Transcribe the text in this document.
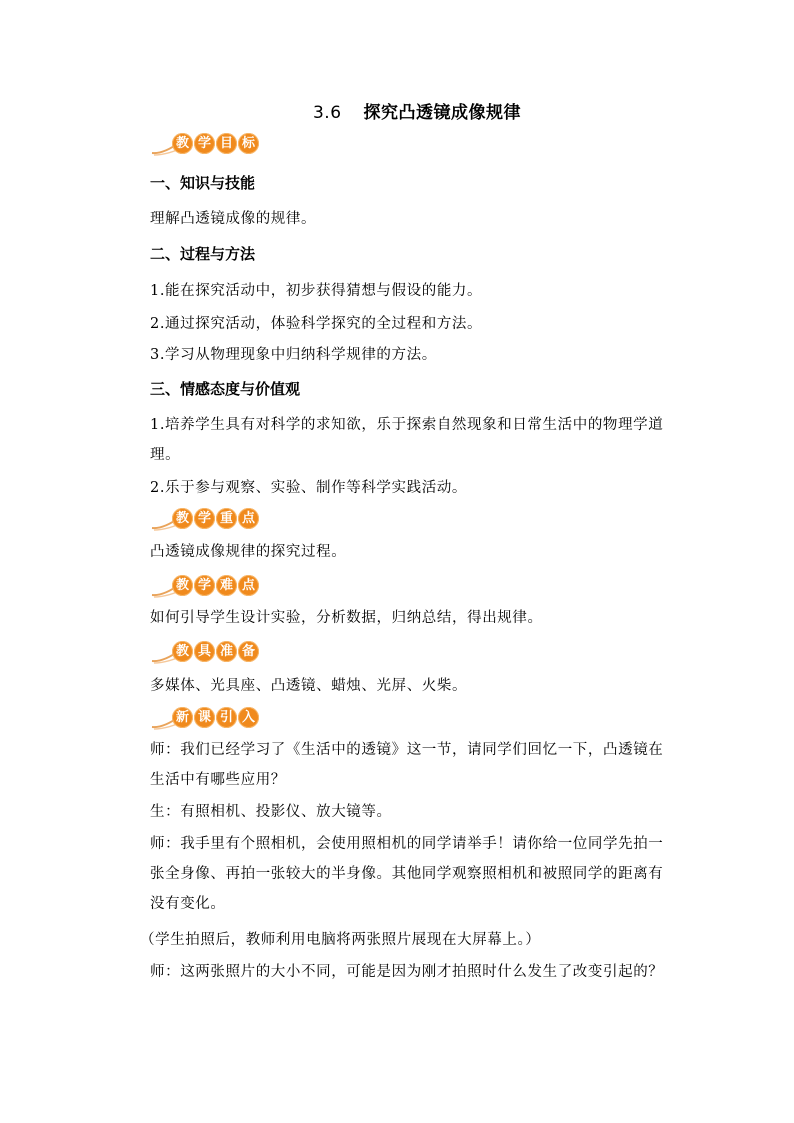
3.6 探究凸透镜成像规律
教 学 目 标
一、知识与技能
理解凸透镜成像的规律。
二、过程与方法
1.能在探究活动中，初步获得猜想与假设的能力。
2.通过探究活动，体验科学探究的全过程和方法。
3.学习从物理现象中归纳科学规律的方法。
三、情感态度与价值观
1.培养学生具有对科学的求知欲，乐于探索自然现象和日常生活中的物理学道理。
2.乐于参与观察、实验、制作等科学实践活动。
教 学 重 点
凸透镜成像规律的探究过程。
教 学 难 点
如何引导学生设计实验，分析数据，归纳总结，得出规律。
教 具 准 备
多媒体、光具座、凸透镜、蜡烛、光屏、火柴。
新 课 引 入
师：我们已经学习了《生活中的透镜》这一节，请同学们回忆一下，凸透镜在生活中有哪些应用？
生：有照相机、投影仪、放大镜等。
师：我手里有个照相机，会使用照相机的同学请举手！请你给一位同学先拍一张全身像、再拍一张较大的半身像。其他同学观察照相机和被照同学的距离有没有变化。
（学生拍照后，教师利用电脑将两张照片展现在大屏幕上。）
师：这两张照片的大小不同，可能是因为刚才拍照时什么发生了改变引起的？
